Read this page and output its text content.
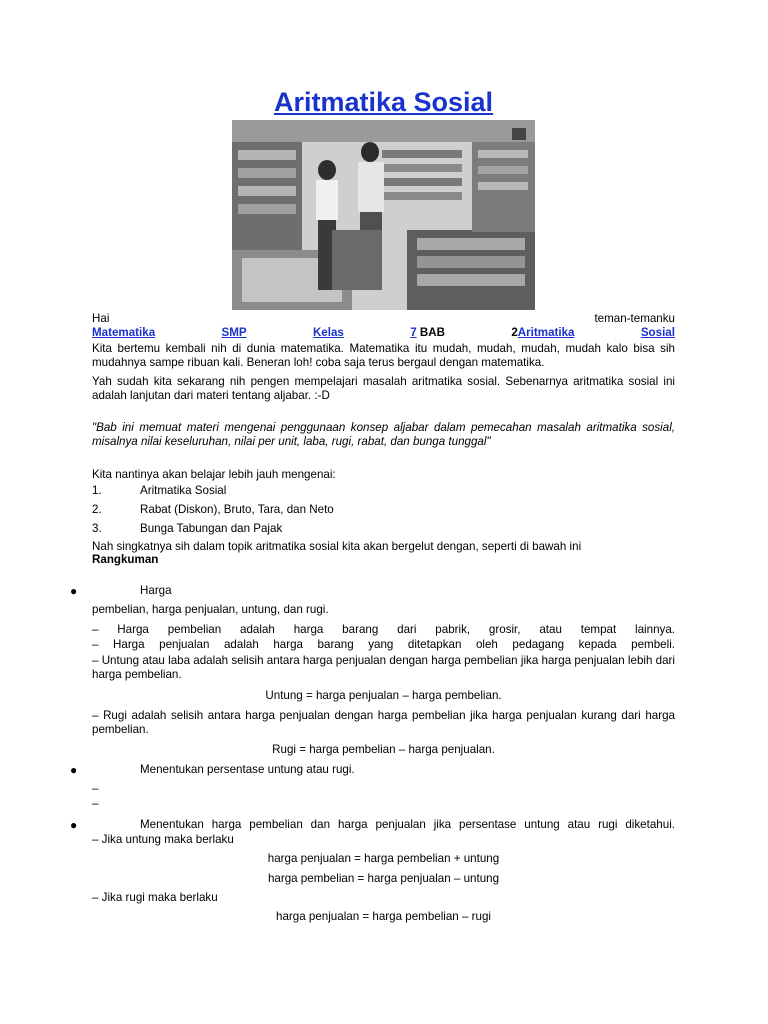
Aritmatika Sosial
Hai	teman-temanku
Matematika	SMP	Kelas	7 BAB	2Aritmatika	Sosial
Kita bertemu kembali nih di dunia matematika. Matematika itu mudah, mudah, mudah, mudah kalo bisa sih mudahnya sampe ribuan kali. Beneran loh! coba saja terus bergaul dengan matematika.
Yah sudah kita sekarang nih pengen mempelajari masalah aritmatika sosial. Sebenarnya aritmatika sosial ini adalah lanjutan dari materi tentang aljabar. :-D
"Bab ini memuat materi mengenai penggunaan konsep aljabar dalam pemecahan masalah aritmatika sosial, misalnya nilai keseluruhan, nilai per unit, laba, rugi, rabat, dan bunga tunggal"
Kita nantinya akan belajar lebih jauh mengenai:
1.	Aritmatika Sosial
2.	Rabat (Diskon), Bruto, Tara, dan Neto
3.	Bunga Tabungan dan Pajak
Nah singkatnya sih dalam topik aritmatika sosial kita akan bergelut dengan, seperti di bawah ini
Rangkuman
●	Harga
pembelian, harga penjualan, untung, dan rugi.
– Harga pembelian adalah harga barang dari pabrik, grosir, atau tempat lainnya.
– Harga penjualan adalah harga barang yang ditetapkan oleh pedagang kepada pembeli.
– Untung atau laba adalah selisih antara harga penjualan dengan harga pembelian jika harga penjualan lebih dari harga pembelian.
Untung = harga penjualan – harga pembelian.
– Rugi adalah selisih antara harga penjualan dengan harga pembelian jika harga penjualan kurang dari harga pembelian.
Rugi = harga pembelian – harga penjualan.
●	Menentukan persentase untung atau rugi.
–
–
●	Menentukan harga pembelian dan harga penjualan jika persentase untung atau rugi diketahui.
– Jika untung maka berlaku
harga penjualan = harga pembelian + untung
harga pembelian = harga penjualan – untung
– Jika rugi maka berlaku
harga penjualan = harga pembelian – rugi
